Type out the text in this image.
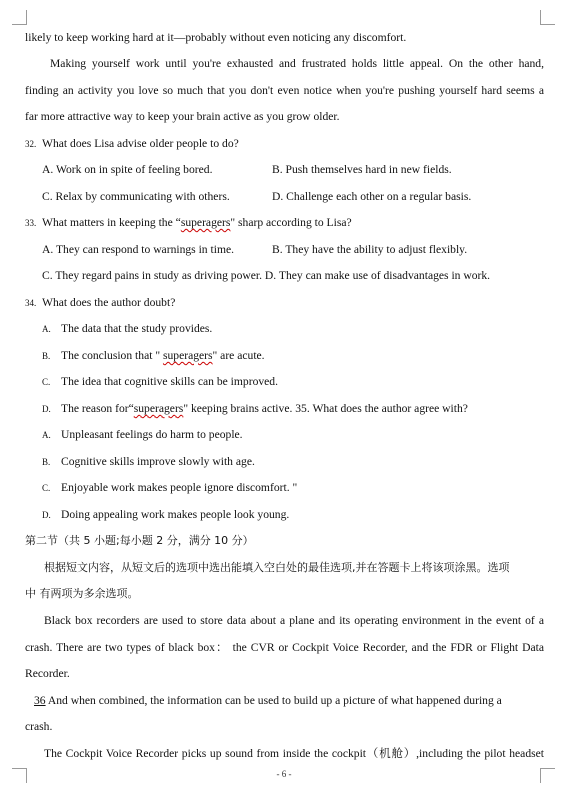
likely to keep working hard at it—probably without even noticing any discomfort.
Making yourself work until you're exhausted and frustrated holds little appeal. On the other hand,
finding an activity you love so much that you don't even notice when you're pushing yourself hard seems a
far more attractive way to keep your brain active as you grow older.
32. What does Lisa advise older people to do?
A. Work on in spite of feeling bored.	B. Push themselves hard in new fields.
C. Relax by communicating with others.	D. Challenge each other on a regular basis.
33. What matters in keeping the “superagers" sharp according to Lisa?
A. They can respond to warnings in time.	B. They have the ability to adjust flexibly.
C. They regard pains in study as driving power. D. They can make use of disadvantages in work.
34. What does the author doubt?
A. The data that the study provides.
B. The conclusion that " superagers" are acute.
C. The idea that cognitive skills can be improved.
D. The reason for“superagers" keeping brains active. 35. What does the author agree with?
A. Unpleasant feelings do harm to people.
B. Cognitive skills improve slowly with age.
C. Enjoyable work makes people ignore discomfort. "
D. Doing appealing work makes people look young.
第二节（共 5 小题;每小题 2 分，满分 10 分）
根据短文内容，从短文后的选项中选出能填入空白处的最佳选项,并在答题卡上将该项涂黑。选项
中 有两项为多余选项。
Black box recorders are used to store data about a plane and its operating environment in the event of a
crash. There are two types of black box： the CVR or Cockpit Voice Recorder, and the FDR or Flight Data
Recorder.
36 And when combined, the information can be used to build up a picture of what happened during a
crash.
The Cockpit Voice Recorder picks up sound from inside the cockpit（机舱）,including the pilot headset
- 6 -
